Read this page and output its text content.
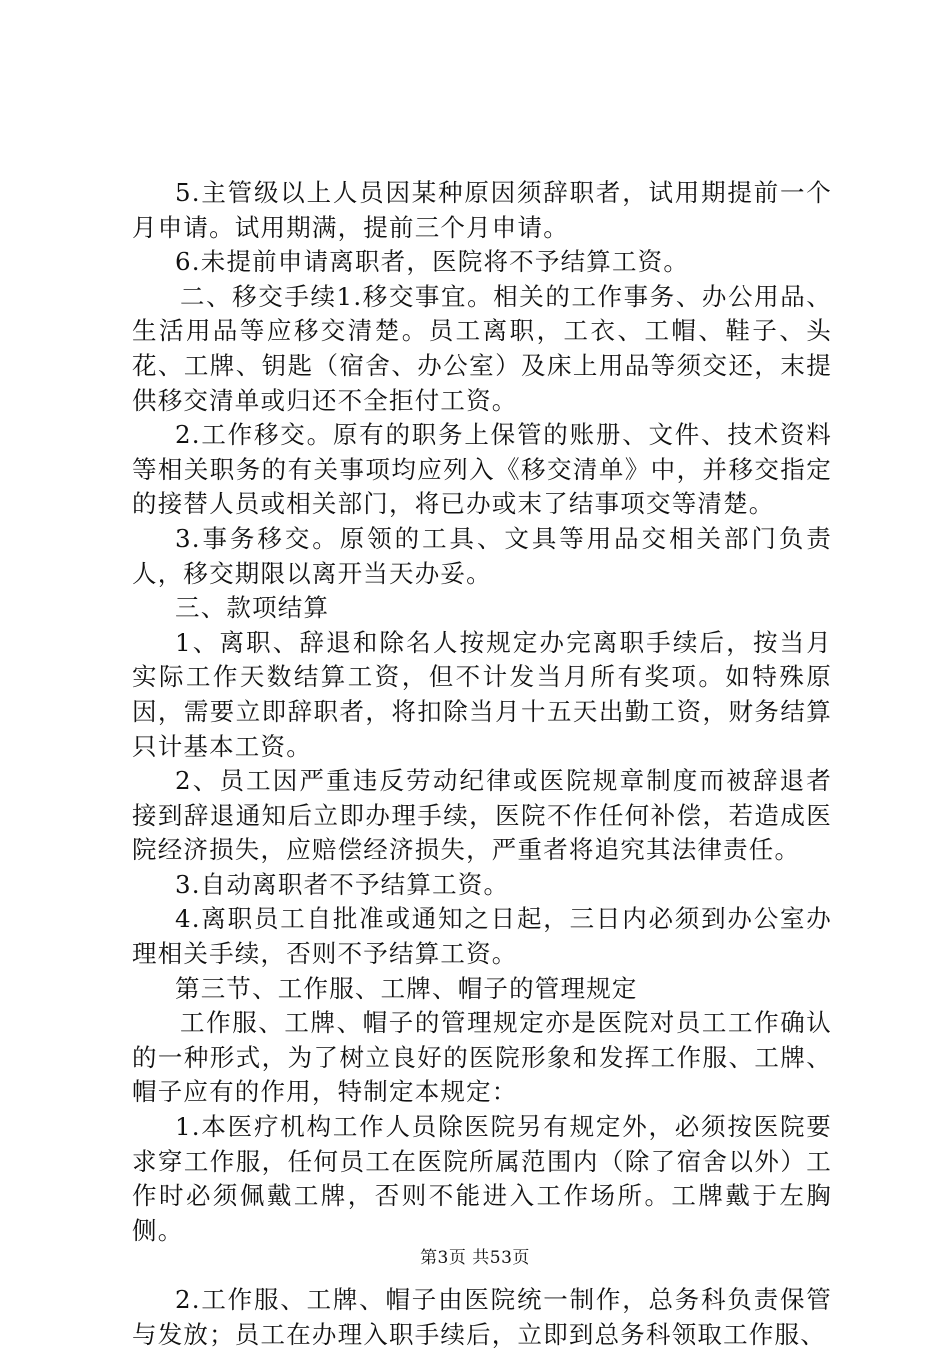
5.主管级以上人员因某种原因须辞职者，试用期提前一个月申请。试用期满，提前三个月申请。

6.未提前申请离职者，医院将不予结算工资。

二、移交手续1.移交事宜。相关的工作事务、办公用品、生活用品等应移交清楚。员工离职，工衣、工帽、鞋子、头花、工牌、钥匙（宿舍、办公室）及床上用品等须交还，末提供移交清单或归还不全拒付工资。

2.工作移交。原有的职务上保管的账册、文件、技术资料等相关职务的有关事项均应列入《移交清单》中，并移交指定的接替人员或相关部门，将已办或末了结事项交等清楚。

3.事务移交。原领的工具、文具等用品交相关部门负责人，移交期限以离开当天办妥。

三、款项结算

1、离职、辞退和除名人按规定办完离职手续后，按当月实际工作天数结算工资，但不计发当月所有奖项。如特殊原因，需要立即辞职者，将扣除当月十五天出勤工资，财务结算只计基本工资。

2、员工因严重违反劳动纪律或医院规章制度而被辞退者接到辞退通知后立即办理手续，医院不作任何补偿，若造成医院经济损失，应赔偿经济损失，严重者将追究其法律责任。

3.自动离职者不予结算工资。

4.离职员工自批准或通知之日起，三日内必须到办公室办理相关手续，否则不予结算工资。

第三节、工作服、工牌、帽子的管理规定

工作服、工牌、帽子的管理规定亦是医院对员工工作确认的一种形式，为了树立良好的医院形象和发挥工作服、工牌、帽子应有的作用，特制定本规定：

1.本医疗机构工作人员除医院另有规定外，必须按医院要求穿工作服，任何员工在医院所属范围内（除了宿舍以外）工作时必须佩戴工牌，否则不能进入工作场所。工牌戴于左胸侧。

2.工作服、工牌、帽子由医院统一制作，总务科负责保管与发放；员工在办理入职手续后，立即到总务科领取工作服、

第3页 共53页
